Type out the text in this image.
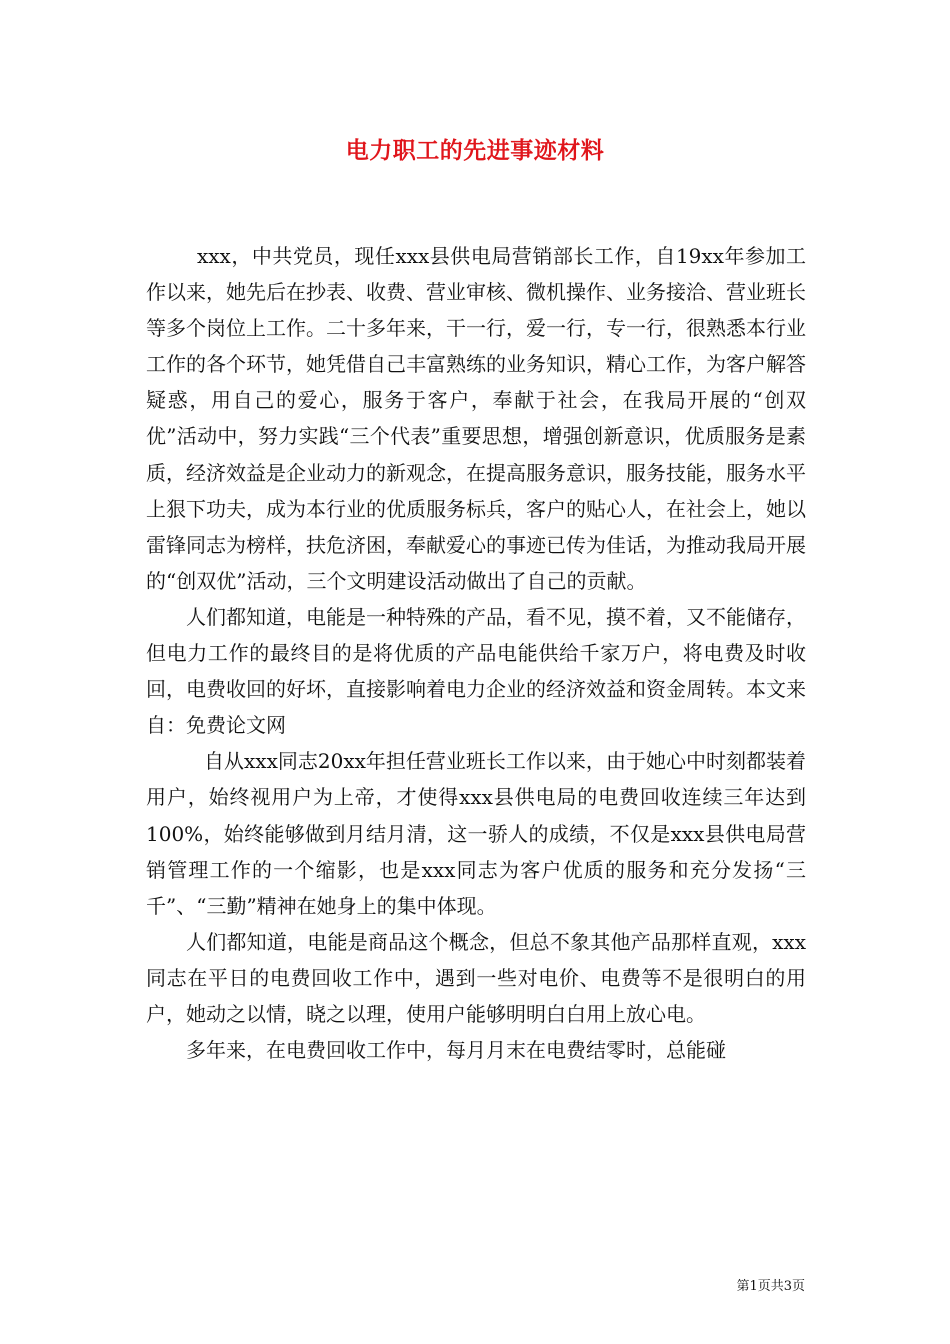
电力职工的先进事迹材料

xxx，中共党员，现任xxx县供电局营销部长工作，自19xx年参加工作以来，她先后在抄表、收费、营业审核、微机操作、业务接洽、营业班长等多个岗位上工作。二十多年来，干一行，爱一行，专一行，很熟悉本行业工作的各个环节，她凭借自己丰富熟练的业务知识，精心工作，为客户解答疑惑，用自己的爱心，服务于客户，奉献于社会，在我局开展的“创双优”活动中，努力实践“三个代表”重要思想，增强创新意识，优质服务是素质，经济效益是企业动力的新观念，在提高服务意识，服务技能，服务水平上狠下功夫，成为本行业的优质服务标兵，客户的贴心人，在社会上，她以雷锋同志为榜样，扶危济困，奉献爱心的事迹已传为佳话，为推动我局开展的“创双优”活动，三个文明建设活动做出了自己的贡献。

人们都知道，电能是一种特殊的产品，看不见，摸不着，又不能储存，但电力工作的最终目的是将优质的产品电能供给千家万户，将电费及时收回，电费收回的好坏，直接影响着电力企业的经济效益和资金周转。本文来自：免费论文网

自从xxx同志20xx年担任营业班长工作以来，由于她心中时刻都装着用户，始终视用户为上帝，才使得xxx县供电局的电费回收连续三年达到100%，始终能够做到月结月清，这一骄人的成绩，不仅是xxx县供电局营销管理工作的一个缩影，也是xxx同志为客户优质的服务和充分发扬“三千”、“三勤”精神在她身上的集中体现。

人们都知道，电能是商品这个概念，但总不象其他产品那样直观，xxx同志在平日的电费回收工作中，遇到一些对电价、电费等不是很明白的用户，她动之以情，晓之以理，使用户能够明明白白用上放心电。

多年来，在电费回收工作中，每月月末在电费结零时，总能碰

第1页共3页
